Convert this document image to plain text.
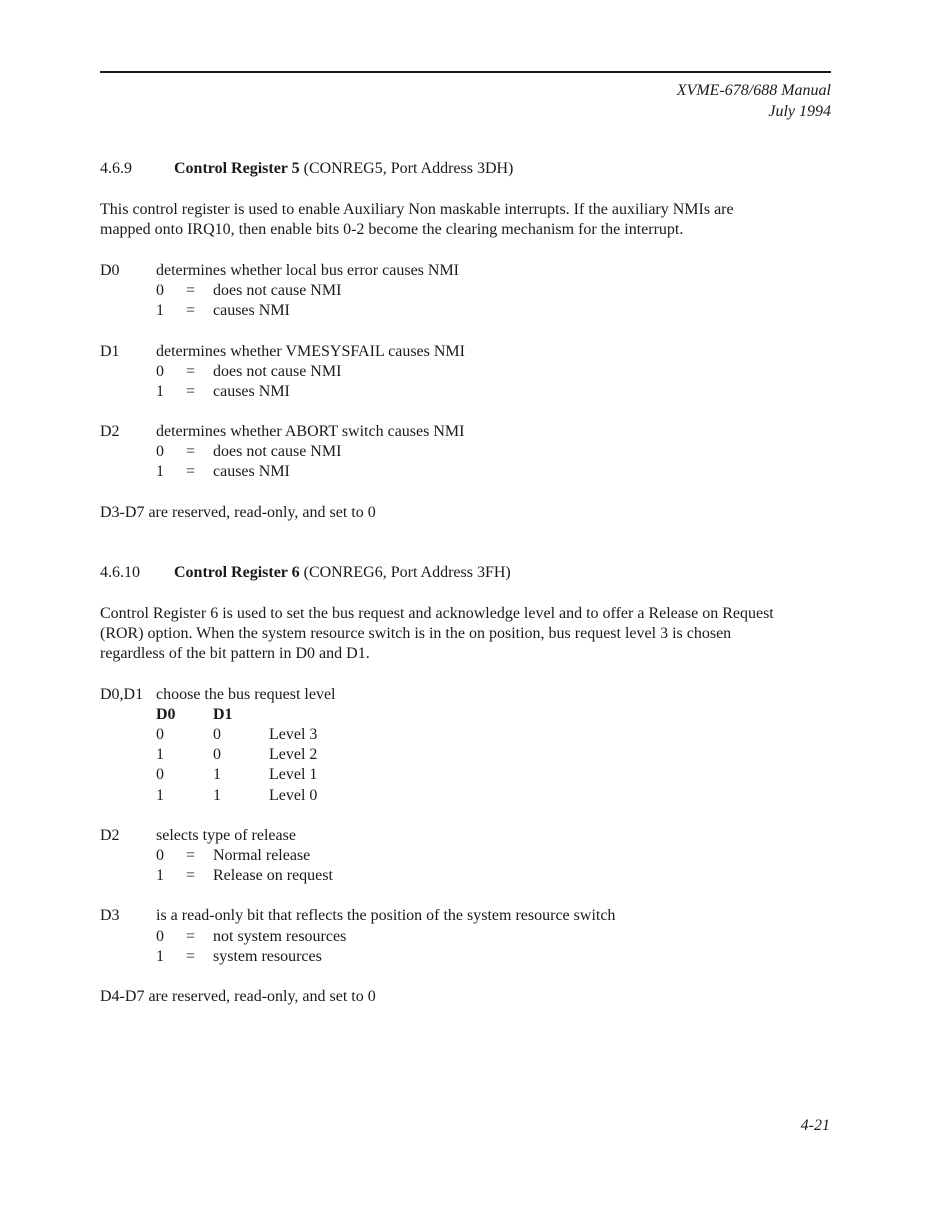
XVME-678/688 Manual
July 1994
4.6.9	Control Register 5 (CONREG5, Port Address 3DH)
This control register is used to enable Auxiliary Non maskable interrupts. If the auxiliary NMIs are
mapped onto IRQ10, then enable bits 0-2 become the clearing mechanism for the interrupt.
D0 determines whether local bus error causes NMI
0 = does not cause NMI
1 = causes NMI
D1 determines whether VMESYSFAIL causes NMI
0 = does not cause NMI
1 = causes NMI
D2 determines whether ABORT switch causes NMI
0 = does not cause NMI
1 = causes NMI
D3-D7 are reserved, read-only, and set to 0
4.6.10 Control Register 6 (CONREG6, Port Address 3FH)
Control Register 6 is used to set the bus request and acknowledge level and to offer a Release on Request
(ROR) option. When the system resource switch is in the on position, bus request level 3 is chosen
regardless of the bit pattern in D0 and D1.
D0,D1 choose the bus request level
D0 D1
0	0	Level 3
1	0	Level 2
0	1	Level 1
1	1	Level 0
D2 selects type of release
0 = Normal release
1 = Release on request
D3 is a read-only bit that reflects the position of the system resource switch
0 = not system resources
1 = system resources
D4-D7 are reserved, read-only, and set to 0
4-21
